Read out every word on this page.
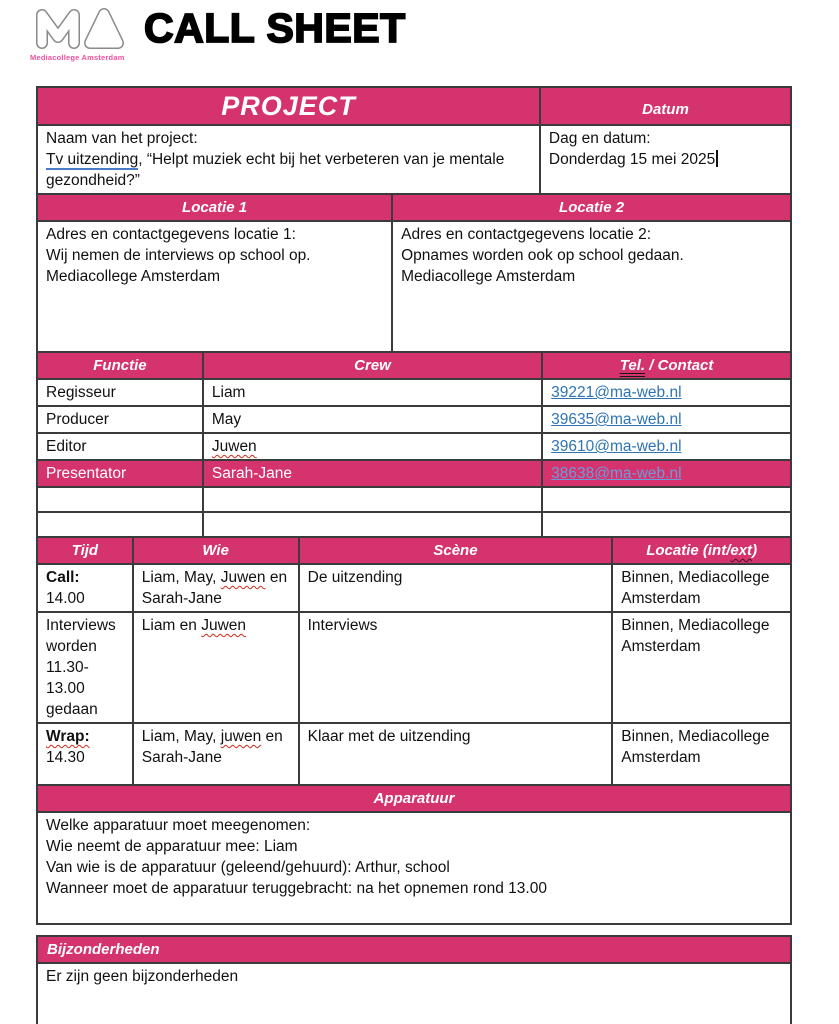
Mediacollege Amsterdam
CALL SHEET
PROJECT	Datum

Naam van het project:
Tv uitzending, “Helpt muziek echt bij het verbeteren van je mentale gezondheid?”

Dag en datum:
Donderdag 15 mei 2025
Locatie 1	Locatie 2

Adres en contactgegevens locatie 1:
Wij nemen de interviews op school op.
Mediacollege Amsterdam

Adres en contactgegevens locatie 2:
Opnames worden ook op school gedaan.
Mediacollege Amsterdam
Functie	Crew	Tel. / Contact
Regisseur	Liam	39221@ma-web.nl
Producer	May	39635@ma-web.nl
Editor	Juwen	39610@ma-web.nl
Presentator	Sarah-Jane	38638@ma-web.nl

Tijd	Wie	Scène	Locatie (int/ext)

Call:
14.00	Liam, May, Juwen en Sarah-Jane	De uitzending	Binnen, Mediacollege Amsterdam

Interviews worden 11.30-13.00 gedaan	Liam en Juwen	Interviews	Binnen, Mediacollege Amsterdam

Wrap:
14.30	Liam, May, juwen en Sarah-Jane	Klaar met de uitzending	Binnen, Mediacollege Amsterdam
Apparatuur

Welke apparatuur moet meegenomen:
Wie neemt de apparatuur mee: Liam
Van wie is de apparatuur (geleend/gehuurd): Arthur, school
Wanneer moet de apparatuur teruggebracht: na het opnemen rond 13.00
Bijzonderheden
Er zijn geen bijzonderheden
